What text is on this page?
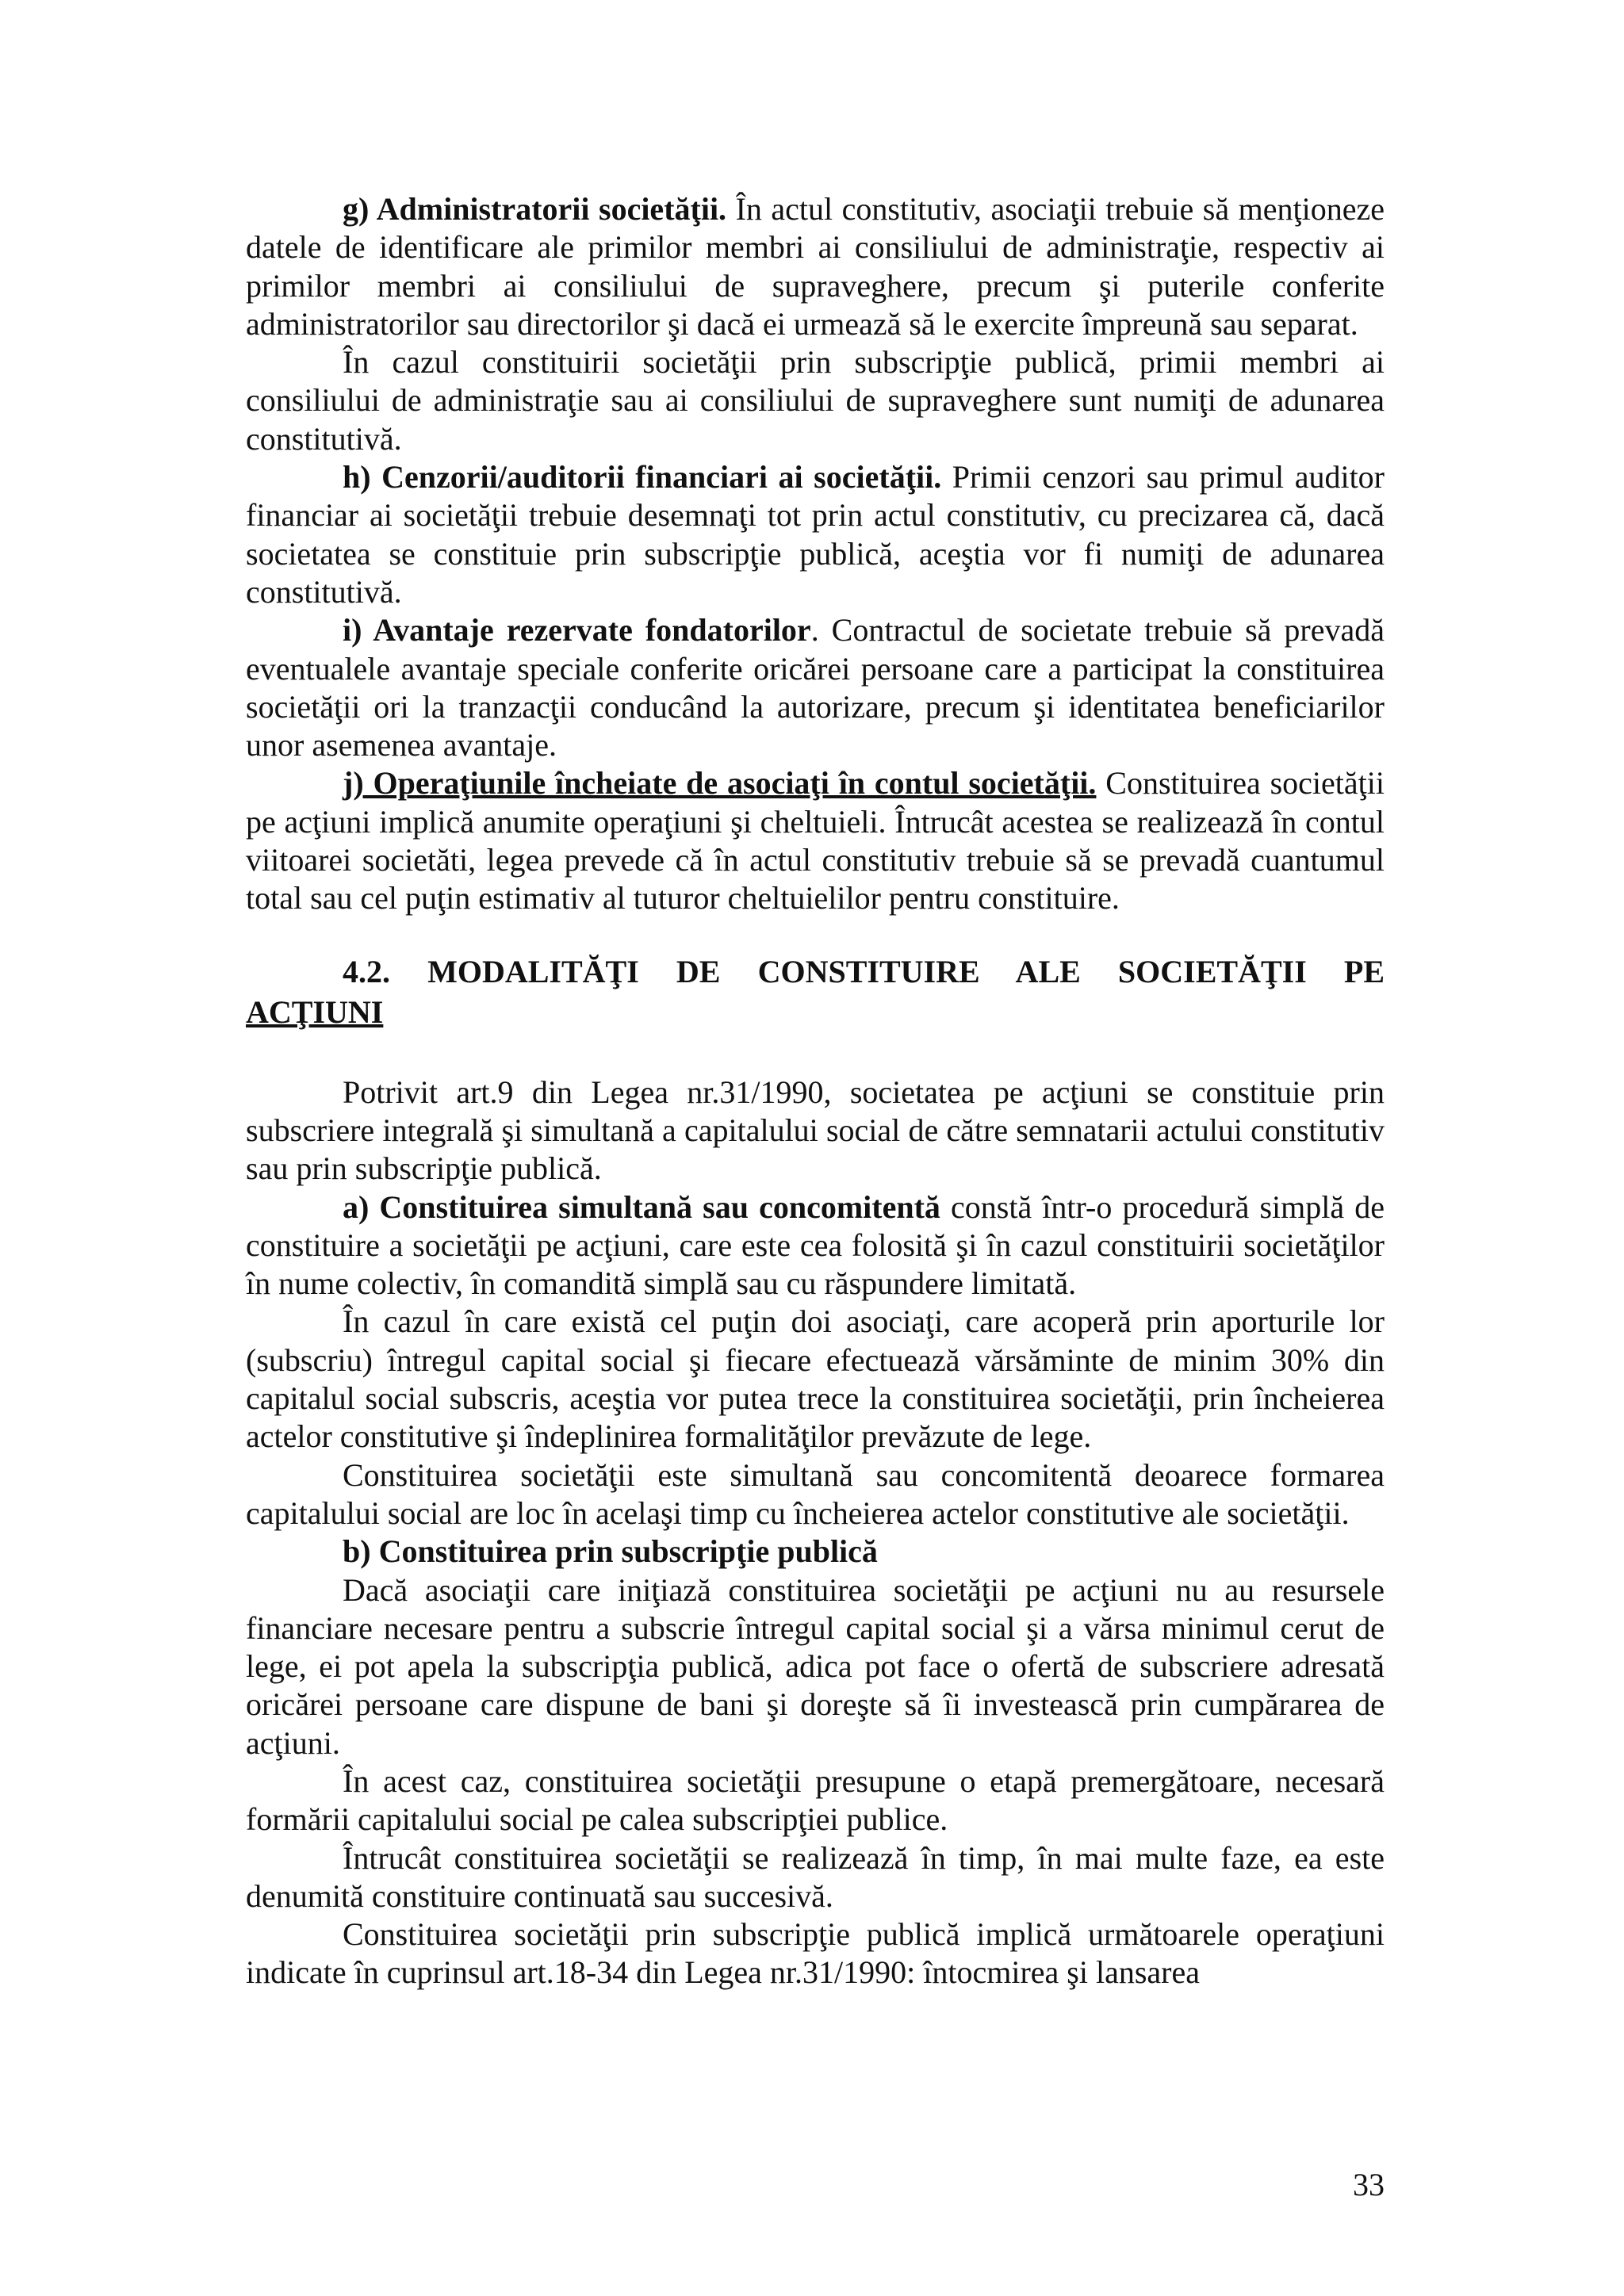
g) Administratorii societăţii. În actul constitutiv, asociaţii trebuie să menţioneze datele de identificare ale primilor membri ai consiliului de administraţie, respectiv ai primilor membri ai consiliului de supraveghere, precum şi puterile conferite administratorilor sau directorilor şi dacă ei urmează să le exercite împreună sau separat.

În cazul constituirii societăţii prin subscripţie publică, primii membri ai consiliului de administraţie sau ai consiliului de supraveghere sunt numiţi de adunarea constitutivă.

h) Cenzorii/auditorii financiari ai societăţii. Primii cenzori sau primul auditor financiar ai societăţii trebuie desemnaţi tot prin actul constitutiv, cu precizarea că, dacă societatea se constituie prin subscripţie publică, aceştia vor fi numiţi de adunarea constitutivă.

i) Avantaje rezervate fondatorilor. Contractul de societate trebuie să prevadă eventualele avantaje speciale conferite oricărei persoane care a participat la constituirea societăţii ori la tranzacţii conducând la autorizare, precum şi identitatea beneficiarilor unor asemenea avantaje.

j) Operaţiunile încheiate de asociaţi în contul societăţii. Constituirea societăţii pe acţiuni implică anumite operaţiuni şi cheltuieli. Întrucât acestea se realizează în contul viitoarei societăti, legea prevede că în actul constitutiv trebuie să se prevadă cuantumul total sau cel puţin estimativ al tuturor cheltuielilor pentru constituire.

4.2. MODALITĂŢI DE CONSTITUIRE ALE SOCIETĂŢII PE
ACŢIUNI

Potrivit art.9 din Legea nr.31/1990, societatea pe acţiuni se constituie prin subscriere integrală şi simultană a capitalului social de către semnatarii actului constitutiv sau prin subscripţie publică.

a) Constituirea simultană sau concomitentă constă într-o procedură simplă de constituire a societăţii pe acţiuni, care este cea folosită şi în cazul constituirii societăţilor în nume colectiv, în comandită simplă sau cu răspundere limitată.

În cazul în care există cel puţin doi asociaţi, care acoperă prin aporturile lor (subscriu) întregul capital social şi fiecare efectuează vărsăminte de minim 30% din capitalul social subscris, aceştia vor putea trece la constituirea societăţii, prin încheierea actelor constitutive şi îndeplinirea formalităţilor prevăzute de lege.

Constituirea societăţii este simultană sau concomitentă deoarece formarea capitalului social are loc în acelaşi timp cu încheierea actelor constitutive ale societăţii.

b) Constituirea prin subscripţie publică

Dacă asociaţii care iniţiază constituirea societăţii pe acţiuni nu au resursele financiare necesare pentru a subscrie întregul capital social şi a vărsa minimul cerut de lege, ei pot apela la subscripţia publică, adica pot face o ofertă de subscriere adresată oricărei persoane care dispune de bani şi doreşte să îi investească prin cumpărarea de acţiuni.

În acest caz, constituirea societăţii presupune o etapă premergătoare, necesară formării capitalului social pe calea subscripţiei publice.

Întrucât constituirea societăţii se realizează în timp, în mai multe faze, ea este denumită constituire continuată sau succesivă.

Constituirea societăţii prin subscripţie publică implică următoarele operaţiuni indicate în cuprinsul art.18-34 din Legea nr.31/1990: întocmirea şi lansarea

33
